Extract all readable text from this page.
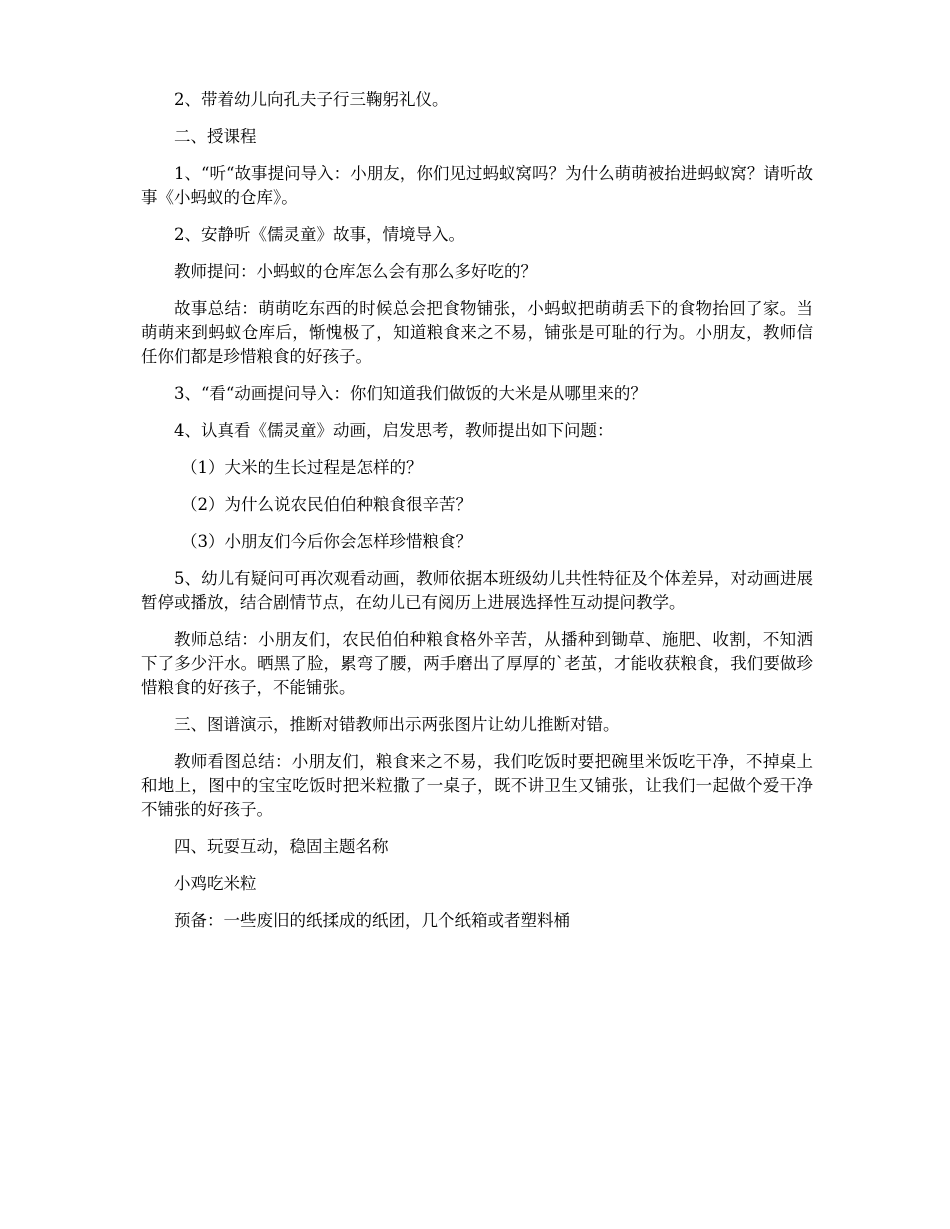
2、带着幼儿向孔夫子行三鞠躬礼仪。

二、授课程

1、“听“故事提问导入：小朋友，你们见过蚂蚁窝吗？为什么萌萌被抬进蚂蚁窝？请听故事《小蚂蚁的仓库》。

2、安静听《儒灵童》故事，情境导入。

教师提问：小蚂蚁的仓库怎么会有那么多好吃的？

故事总结：萌萌吃东西的时候总会把食物铺张，小蚂蚁把萌萌丢下的食物抬回了家。当萌萌来到蚂蚁仓库后，惭愧极了，知道粮食来之不易，铺张是可耻的行为。小朋友，教师信任你们都是珍惜粮食的好孩子。

3、“看“动画提问导入：你们知道我们做饭的大米是从哪里来的？

4、认真看《儒灵童》动画，启发思考，教师提出如下问题：

（1）大米的生长过程是怎样的？

（2）为什么说农民伯伯种粮食很辛苦？

（3）小朋友们今后你会怎样珍惜粮食？

5、幼儿有疑问可再次观看动画，教师依据本班级幼儿共性特征及个体差异，对动画进展暂停或播放，结合剧情节点，在幼儿已有阅历上进展选择性互动提问教学。

教师总结：小朋友们，农民伯伯种粮食格外辛苦，从播种到锄草、施肥、收割，不知洒下了多少汗水。晒黑了脸，累弯了腰，两手磨出了厚厚的`老茧，才能收获粮食，我们要做珍惜粮食的好孩子，不能铺张。

三、图谱演示，推断对错教师出示两张图片让幼儿推断对错。

教师看图总结：小朋友们，粮食来之不易，我们吃饭时要把碗里米饭吃干净，不掉桌上和地上，图中的宝宝吃饭时把米粒撒了一桌子，既不讲卫生又铺张，让我们一起做个爱干净不铺张的好孩子。

四、玩耍互动，稳固主题名称

小鸡吃米粒

预备：一些废旧的纸揉成的纸团，几个纸箱或者塑料桶
